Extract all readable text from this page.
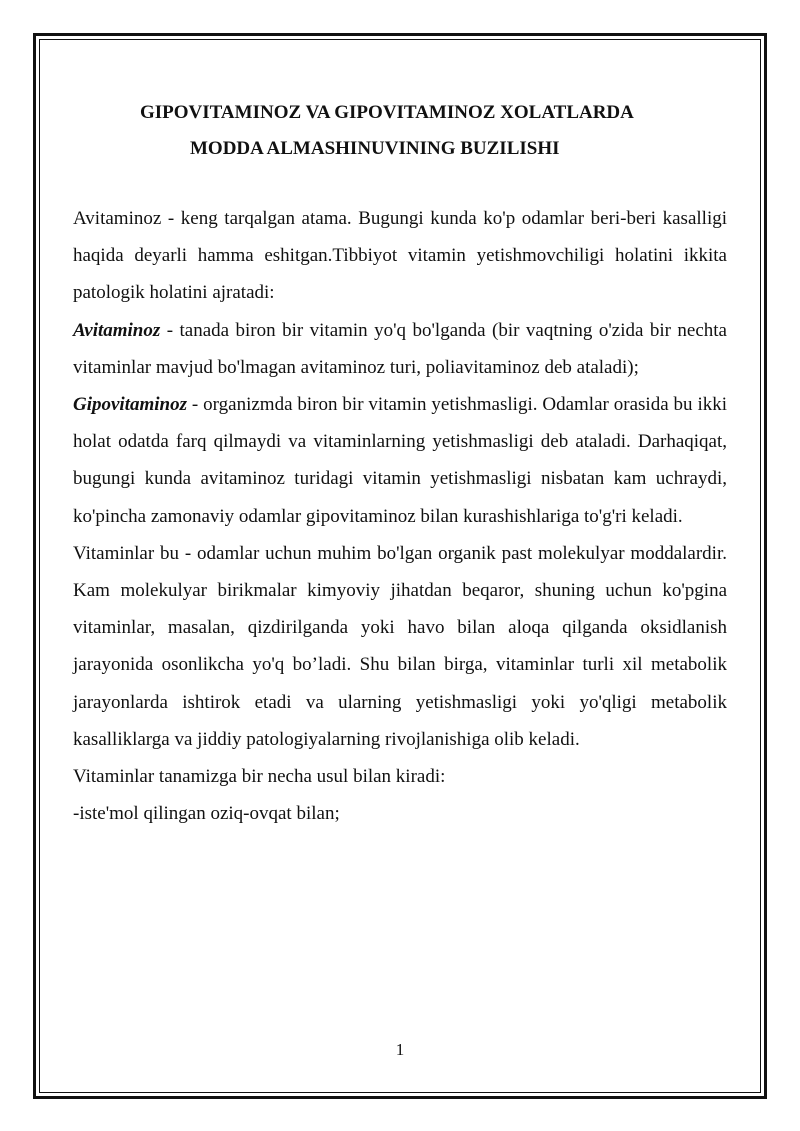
GIPOVITAMINOZ VA GIPOVITAMINOZ XOLATLARDA
MODDA ALMASHINUVINING BUZILISHI

Avitaminoz - keng tarqalgan atama. Bugungi kunda ko'p odamlar beri-beri kasalligi haqida deyarli hamma eshitgan.Tibbiyot vitamin yetishmovchiligi holatini ikkita patologik holatini ajratadi:

Avitaminoz - tanada biron bir vitamin yo'q bo'lganda (bir vaqtning o'zida bir nechta vitaminlar mavjud bo'lmagan avitaminoz turi, poliavitaminoz deb ataladi);

Gipovitaminoz - organizmda biron bir vitamin yetishmasligi. Odamlar orasida bu ikki holat odatda farq qilmaydi va vitaminlarning yetishmasligi deb ataladi. Darhaqiqat, bugungi kunda avitaminoz turidagi vitamin yetishmasligi nisbatan kam uchraydi, ko'pincha zamonaviy odamlar gipovitaminoz bilan kurashishlariga to'g'ri keladi.

Vitaminlar bu - odamlar uchun muhim bo'lgan organik past molekulyar moddalardir. Kam molekulyar birikmalar kimyoviy jihatdan beqaror, shuning uchun ko'pgina vitaminlar, masalan, qizdirilganda yoki havo bilan aloqa qilganda oksidlanish jarayonida osonlikcha yo'q bo’ladi. Shu bilan birga, vitaminlar turli xil metabolik jarayonlarda ishtirok etadi va ularning yetishmasligi yoki yo'qligi metabolik kasalliklarga va jiddiy patologiyalarning rivojlanishiga olib keladi.

Vitaminlar tanamizga bir necha usul bilan kiradi:

-iste'mol qilingan oziq-ovqat bilan;

1
